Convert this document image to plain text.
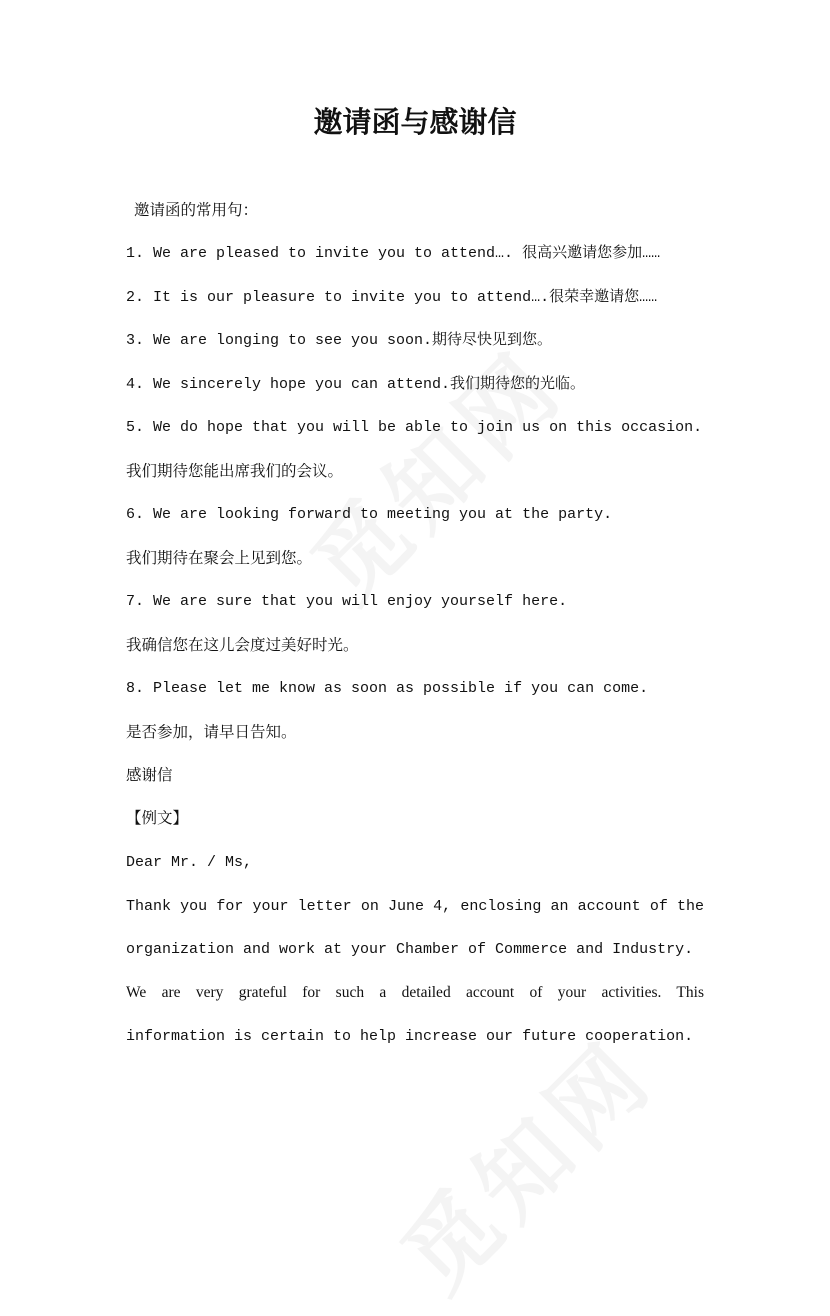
邀请函与感谢信

邀请函的常用句：

1. We are pleased to invite you to attend…. 很高兴邀请您参加……

2. It is our pleasure to invite you to attend….很荣幸邀请您……

3. We are longing to see you soon.期待尽快见到您。

4. We sincerely hope you can attend.我们期待您的光临。

5. We do hope that you will be able to join us on this occasion.

我们期待您能出席我们的会议。

6. We are looking forward to meeting you at the party.

我们期待在聚会上见到您。

7. We are sure that you will enjoy yourself here.

我确信您在这儿会度过美好时光。

8. Please let me know as soon as possible if you can come.

是否参加，请早日告知。

感谢信

【例文】

Dear Mr. / Ms,

Thank you for your letter on June 4, enclosing an account of the

organization and work at your Chamber of Commerce and Industry.

We are very grateful for such a detailed account of your activities. This

information is certain to help increase our future cooperation.
